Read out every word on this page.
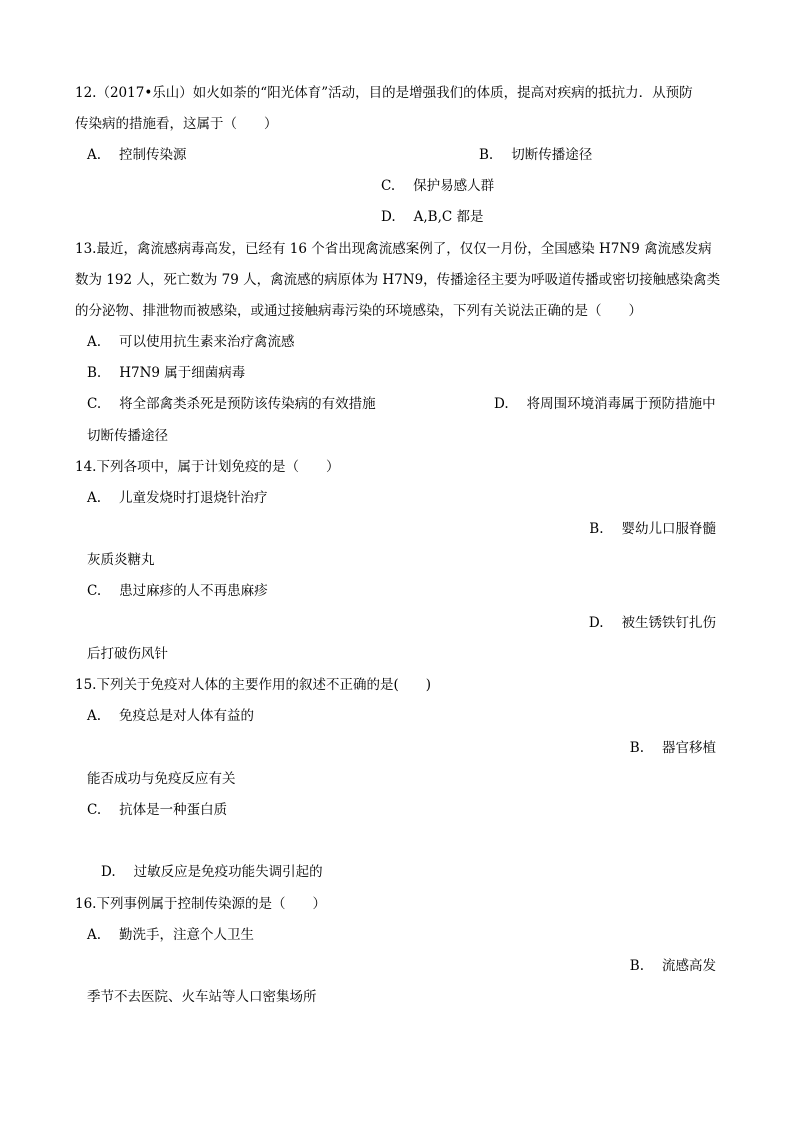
12.（2017•乐山）如火如荼的“阳光体育”活动，目的是增强我们的体质，提高对疾病的抵抗力．从预防
传染病的措施看，这属于（　　）
A. 控制传染源	B. 切断传播途径
C. 保护易感人群
D. A,B,C 都是
13.最近，禽流感病毒高发，已经有 16 个省出现禽流感案例了，仅仅一月份，全国感染 H7N9 禽流感发病
数为 192 人，死亡数为 79 人，禽流感的病原体为 H7N9，传播途径主要为呼吸道传播或密切接触感染禽类
的分泌物、排泄物而被感染，或通过接触病毒污染的环境感染，下列有关说法正确的是（　　）
A. 可以使用抗生素来治疗禽流感
B. H7N9 属于细菌病毒
C. 将全部禽类杀死是预防该传染病的有效措施	D. 将周围环境消毒属于预防措施中
切断传播途径
14.下列各项中，属于计划免疫的是（　　）
A. 儿童发烧时打退烧针治疗
B. 婴幼儿口服脊髓
灰质炎糖丸
C. 患过麻疹的人不再患麻疹
D. 被生锈铁钉扎伤
后打破伤风针
15.下列关于免疫对人体的主要作用的叙述不正确的是(　　)
A. 免疫总是对人体有益的
B. 器官移植
能否成功与免疫反应有关
C. 抗体是一种蛋白质
D. 过敏反应是免疫功能失调引起的
16.下列事例属于控制传染源的是（　　）
A. 勤洗手，注意个人卫生
B. 流感高发
季节不去医院、火车站等人口密集场所
